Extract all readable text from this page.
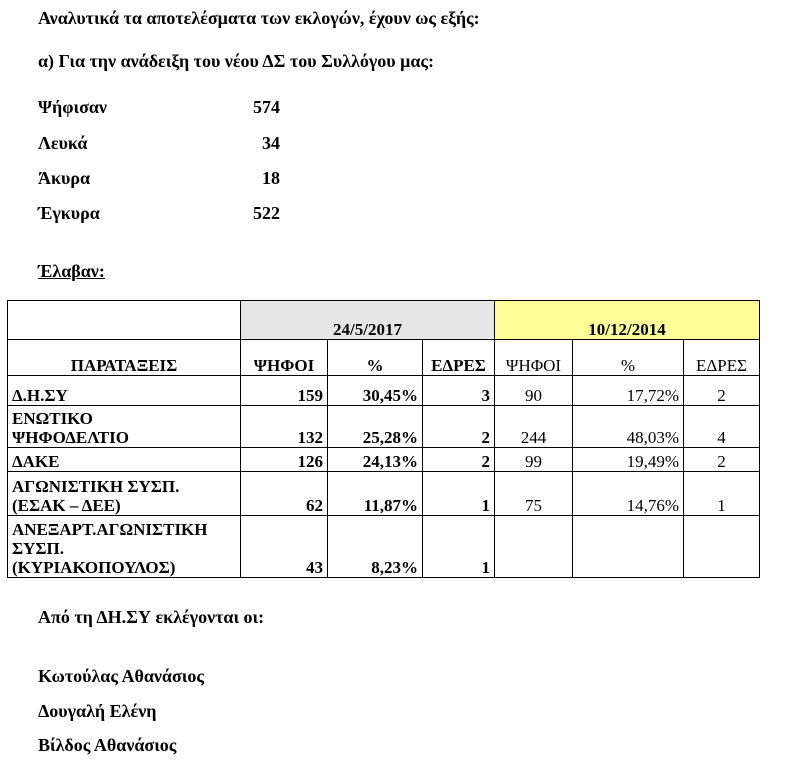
Αναλυτικά τα αποτελέσματα των εκλογών, έχουν ως εξής:
α) Για την ανάδειξη του νέου ΔΣ του Συλλόγου μας:
Ψήφισαν	574
Λευκά	34
Άκυρα	18
Έγκυρα	522
Έλαβαν:
	24/5/2017			10/12/2014		
ΠΑΡΑΤΑΞΕΙΣ	ΨΗΦΟΙ	%	ΕΔΡΕΣ	ΨΗΦΟΙ	%	ΕΔΡΕΣ
Δ.Η.ΣΥ	159	30,45%	3	90	17,72%	2
ΕΝΩΤΙΚΟ
ΨΗΦΟΔΕΛΤΙΟ	132	25,28%	2	244	48,03%	4
ΔΑΚΕ	126	24,13%	2	99	19,49%	2
ΑΓΩΝΙΣΤΙΚΗ ΣΥΣΠ.
(ΕΣΑΚ – ΔΕΕ)	62	11,87%	1	75	14,76%	1
ΑΝΕΞΑΡΤ.ΑΓΩΝΙΣΤΙΚΗ
ΣΥΣΠ.
(ΚΥΡΙΑΚΟΠΟΥΛΟΣ)	43	8,23%	1			
Από τη ΔΗ.ΣΥ εκλέγονται οι:
Κωτούλας Αθανάσιος
Δουγαλή Ελένη
Βίλδος Αθανάσιος
